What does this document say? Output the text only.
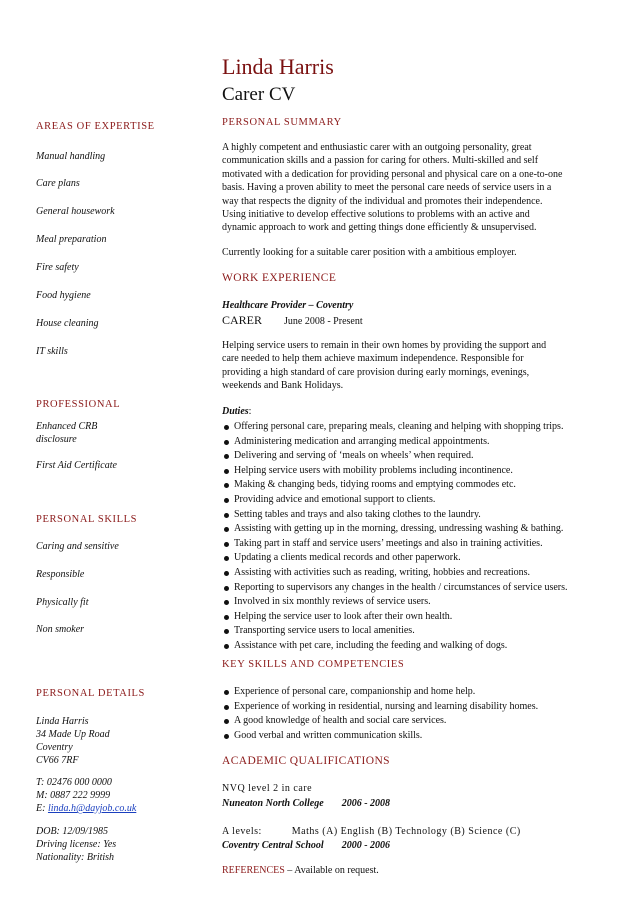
Linda Harris
Carer CV
AREAS OF EXPERTISE
Manual handling
Care plans
General housework
Meal preparation
Fire safety
Food hygiene
House cleaning
IT skills
PROFESSIONAL
Enhanced CRB
disclosure
First Aid Certificate
PERSONAL SKILLS
Caring and sensitive
Responsible
Physically fit
Non smoker
PERSONAL DETAILS
Linda Harris
34 Made Up Road
Coventry
CV66 7RF
T: 02476 000 0000
M: 0887 222 9999
E: linda.h@dayjob.co.uk
DOB: 12/09/1985
Driving license: Yes
Nationality: British
PERSONAL SUMMARY
A highly competent and enthusiastic carer with an outgoing personality, great
communication skills and a passion for caring for others. Multi-skilled and self
motivated with a dedication for providing personal and physical care on a one-to-one
basis. Having a proven ability to meet the personal care needs of service users in a
way that respects the dignity of the individual and promotes their independence.
Using initiative to develop effective solutions to problems with an active and
dynamic approach to work and getting things done efficiently & unsupervised.
Currently looking for a suitable carer position with a ambitious employer.
WORK EXPERIENCE
Healthcare Provider – Coventry
CARER June 2008 - Present
Helping service users to remain in their own homes by providing the support and
care needed to help them achieve maximum independence. Responsible for
providing a high standard of care provision during early mornings, evenings,
weekends and Bank Holidays.
Duties:
Offering personal care, preparing meals, cleaning and helping with shopping trips.
Administering medication and arranging medical appointments.
Delivering and serving of ‘meals on wheels’ when required.
Helping service users with mobility problems including incontinence.
Making & changing beds, tidying rooms and emptying commodes etc.
Providing advice and emotional support to clients.
Setting tables and trays and also taking clothes to the laundry.
Assisting with getting up in the morning, dressing, undressing washing & bathing.
Taking part in staff and service users’ meetings and also in training activities.
Updating a clients medical records and other paperwork.
Assisting with activities such as reading, writing, hobbies and recreations.
Reporting to supervisors any changes in the health / circumstances of service users.
Involved in six monthly reviews of service users.
Helping the service user to look after their own health.
Transporting service users to local amenities.
Assistance with pet care, including the feeding and walking of dogs.
KEY SKILLS AND COMPETENCIES
Experience of personal care, companionship and home help.
Experience of working in residential, nursing and learning disability homes.
A good knowledge of health and social care services.
Good verbal and written communication skills.
ACADEMIC QUALIFICATIONS
NVQ level 2 in care
Nuneaton North College 2006 - 2008
A levels:	Maths (A) English (B) Technology (B) Science (C)
Coventry Central School 2000 - 2006
REFERENCES – Available on request.
